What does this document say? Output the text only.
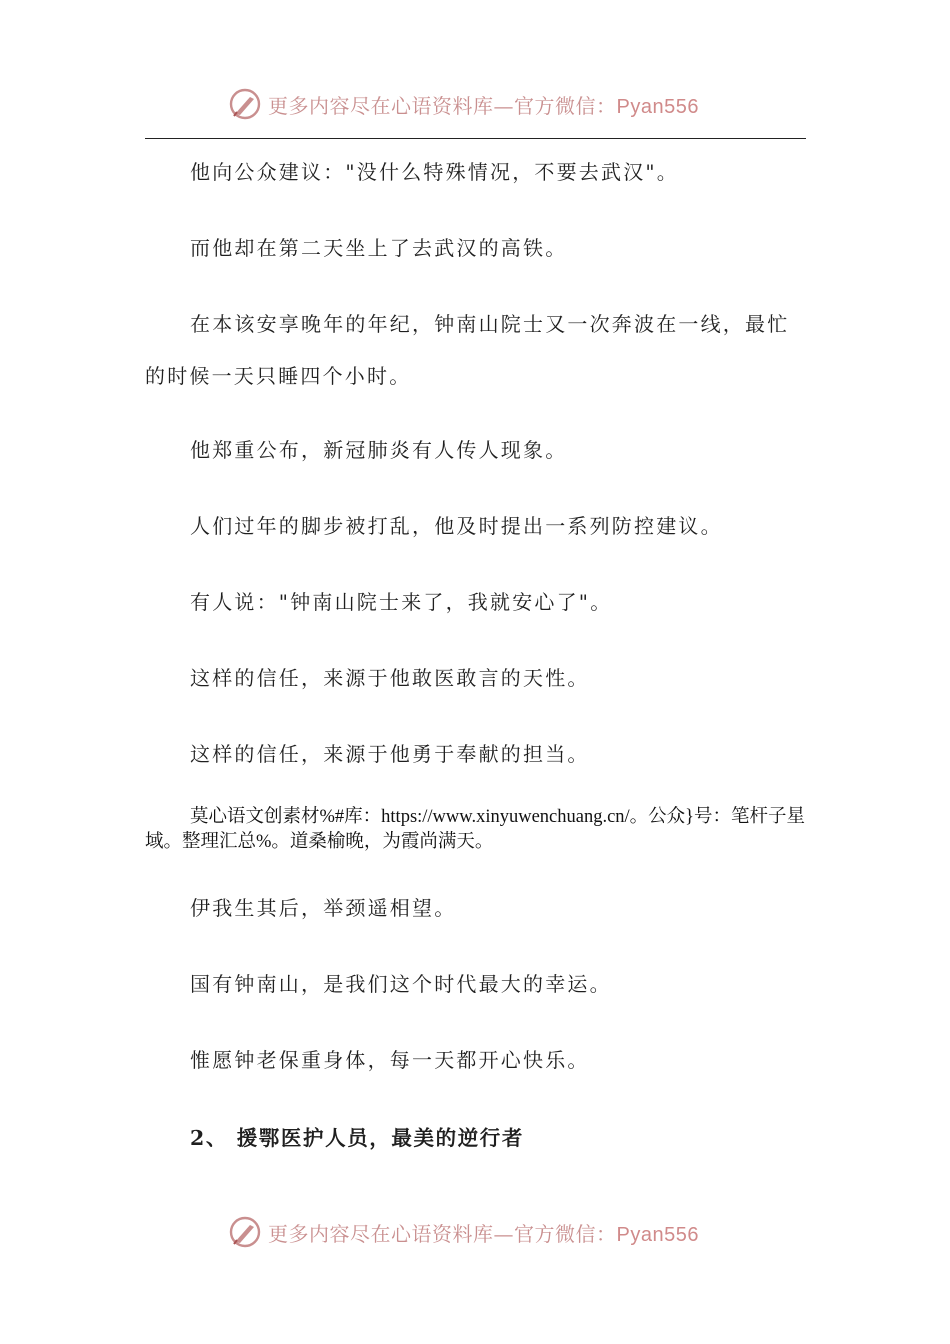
更多内容尽在心语资料库—官方微信：Pyan556

他向公众建议："没什么特殊情况，不要去武汉"。

而他却在第二天坐上了去武汉的高铁。

在本该安享晚年的年纪，钟南山院士又一次奔波在一线，最忙的时候一天只睡四个小时。

他郑重公布，新冠肺炎有人传人现象。

人们过年的脚步被打乱，他及时提出一系列防控建议。

有人说："钟南山院士来了，我就安心了"。

这样的信任，来源于他敢医敢言的天性。

这样的信任，来源于他勇于奉献的担当。

莫心语文创素材%#库：https://www.xinyuwenchuang.cn/。公众}号：笔杆子星域。整理汇总%。道桑榆晚，为霞尚满天。

伊我生其后，举颈遥相望。

国有钟南山，是我们这个时代最大的幸运。

惟愿钟老保重身体，每一天都开心快乐。

2、 援鄂医护人员，最美的逆行者
更多内容尽在心语资料库—官方微信：Pyan556
